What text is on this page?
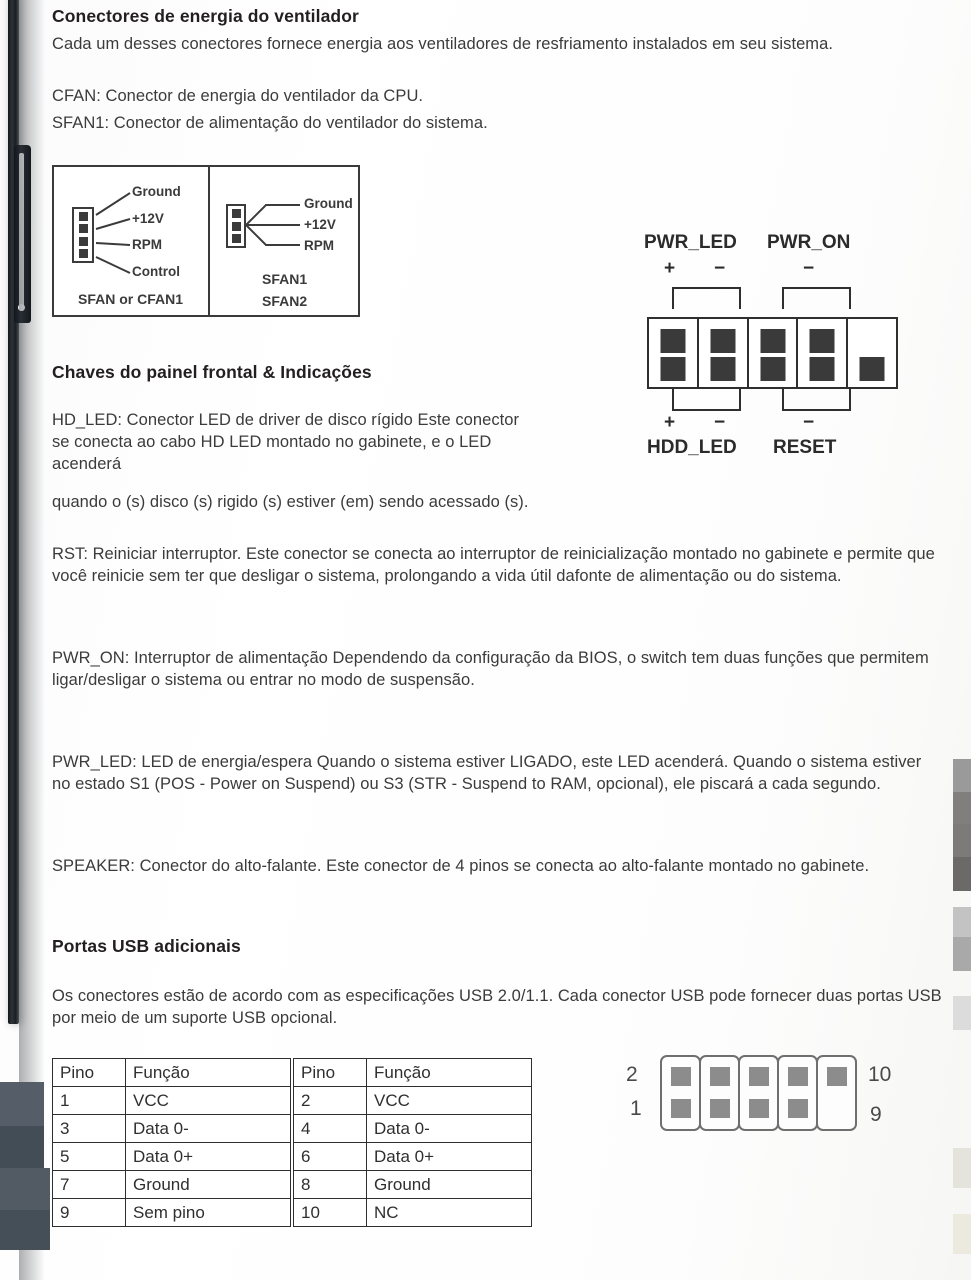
Conectores de energia do ventilador

Cada um desses conectores fornece energia aos ventiladores de resfriamento instalados em seu sistema.

CFAN: Conector de energia do ventilador da CPU.

SFAN1: Conector de alimentação do ventilador do sistema.

Ground
+12V
RPM
Control
SFAN or CFAN1
Ground
+12V
RPM
SFAN1
SFAN2
PWR_LED PWR_ON
+ −	−
+ −	−
HDD_LED RESET
Chaves do painel frontal & Indicações

HD_LED: Conector LED de driver de disco rígido Este conector se conecta ao cabo HD LED montado no gabinete, e o LED acenderá

quando o (s) disco (s) rigido (s) estiver (em) sendo acessado (s).

RST: Reiniciar interruptor. Este conector se conecta ao interruptor de reinicialização montado no gabinete e permite que você reinicie sem ter que desligar o sistema, prolongando a vida útil dafonte de alimentação ou do sistema.

PWR_ON: Interruptor de alimentação Dependendo da configuração da BIOS, o switch tem duas funções que permitem ligar/desligar o sistema ou entrar no modo de suspensão.

PWR_LED: LED de energia/espera Quando o sistema estiver LIGADO, este LED acenderá. Quando o sistema estiver no estado S1 (POS - Power on Suspend) ou S3 (STR - Suspend to RAM, opcional), ele piscará a cada segundo.

SPEAKER: Conector do alto-falante. Este conector de 4 pinos se conecta ao alto-falante montado no gabinete.

Portas USB adicionais

Os conectores estão de acordo com as especificações USB 2.0/1.1. Cada conector USB pode fornecer duas portas USB por meio de um suporte USB opcional.

Pino	Função
1	VCC
3	Data 0-
5	Data 0+
7	Ground
9	Sem pino
Pino	Função
2	VCC
4	Data 0-
6	Data 0+
8	Ground
10	NC
2
1
10
9
